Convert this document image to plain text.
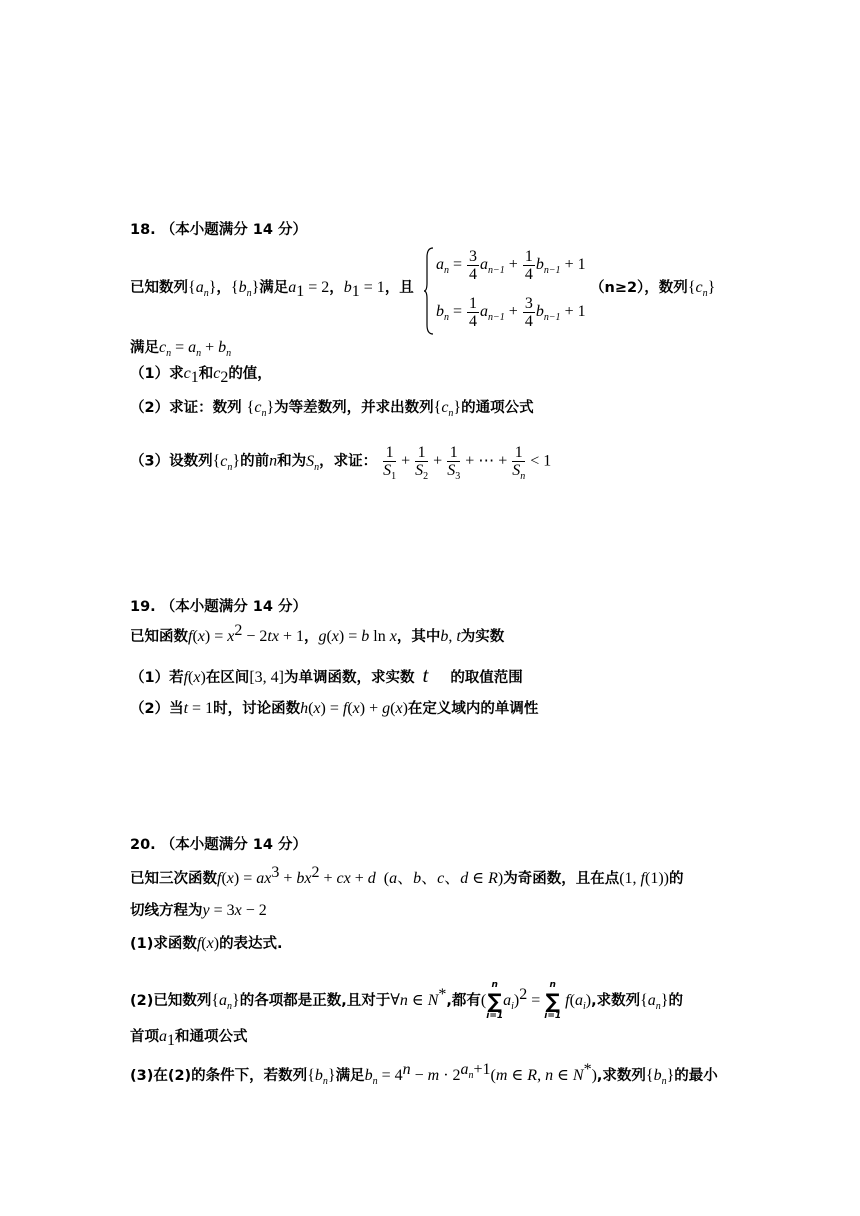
18. （本小题满分 14 分）
已知数列$\{a_n\}$，$\{b_n\}$满足$a_1 = 2$，$b_1 = 1$，且
$a_n = \frac{3}{4} a_{n-1} + \frac{1}{4} b_{n-1} + 1$
$b_n = \frac{1}{4} a_{n-1} + \frac{3}{4} b_{n-1} + 1$
（n≥2），数列$\{c_n\}$
满足$c_n = a_n + b_n$
（1）求$c_1$和$c_2$的值，
（2）求证：数列 $\{c_n\}$为等差数列，并求出数列$\{c_n\}$的通项公式
（3）设数列$\{c_n\}$的前n和为$S_n$，求证： $\frac{1}{S_1} + \frac{1}{S_2} + \frac{1}{S_3}$ + ⋯ + $\frac{1}{S_n} < 1$
19. （本小题满分 14 分）
已知函数$f(x) = x^2 - 2tx + 1$，g(x) = b ln x，其中b, t为实数
（1）若f(x)在区间[3, 4]为单调函数，求实数 t 的取值范围
（2）当t = 1时，讨论函数h(x) = f(x) + g(x)在定义域内的单调性
20. （本小题满分 14 分）
已知三次函数$f(x) = ax^3 + bx^2$ + cx + d  (a、b、c、d ∈ R)为奇函数，且在点(1, f(1))的
切线方程为y = 3x − 2
(1)求函数f(x)的表达式.
(2)已知数列$\{a_n\}$的各项都是正数,且对于∀n ∈ N*,都有(
n
∑
i=1
$a_i)^2$ =
n
∑
i=1
$f(a_i)$,求数列$\{a_n\}$的
首项$a_1$和通项公式
(3)在(2)的条件下，若数列$\{b_n\}$满足$b_n = 4^n - m \cdot 2^{a_n+1}(m$ ∈ R, n ∈ N*),求数列$\{b_n\}$的最小
